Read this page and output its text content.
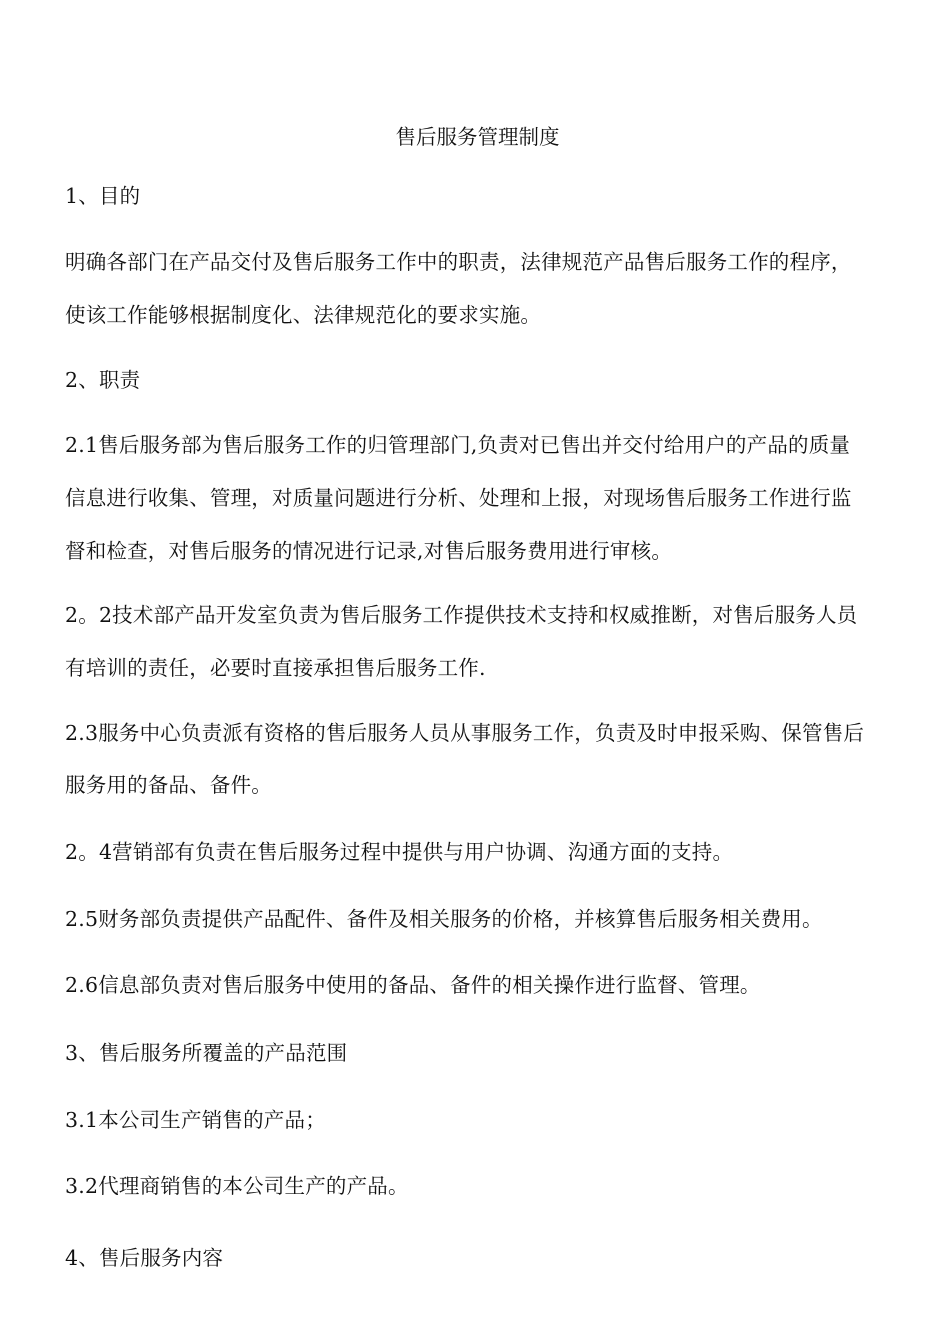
售后服务管理制度
1、目的
明确各部门在产品交付及售后服务工作中的职责，法律规范产品售后服务工作的程序，
使该工作能够根据制度化、法律规范化的要求实施。
2、职责
2.1售后服务部为售后服务工作的归管理部门,负责对已售出并交付给用户的产品的质量
信息进行收集、管理，对质量问题进行分析、处理和上报，对现场售后服务工作进行监
督和检查，对售后服务的情况进行记录,对售后服务费用进行审核。
2。2技术部产品开发室负责为售后服务工作提供技术支持和权威推断，对售后服务人员
有培训的责任，必要时直接承担售后服务工作.
2.3服务中心负责派有资格的售后服务人员从事服务工作，负责及时申报采购、保管售后
服务用的备品、备件。
2。4营销部有负责在售后服务过程中提供与用户协调、沟通方面的支持。
2.5财务部负责提供产品配件、备件及相关服务的价格，并核算售后服务相关费用。
2.6信息部负责对售后服务中使用的备品、备件的相关操作进行监督、管理。
3、售后服务所覆盖的产品范围
3.1本公司生产销售的产品；
3.2代理商销售的本公司生产的产品。
4、售后服务内容
